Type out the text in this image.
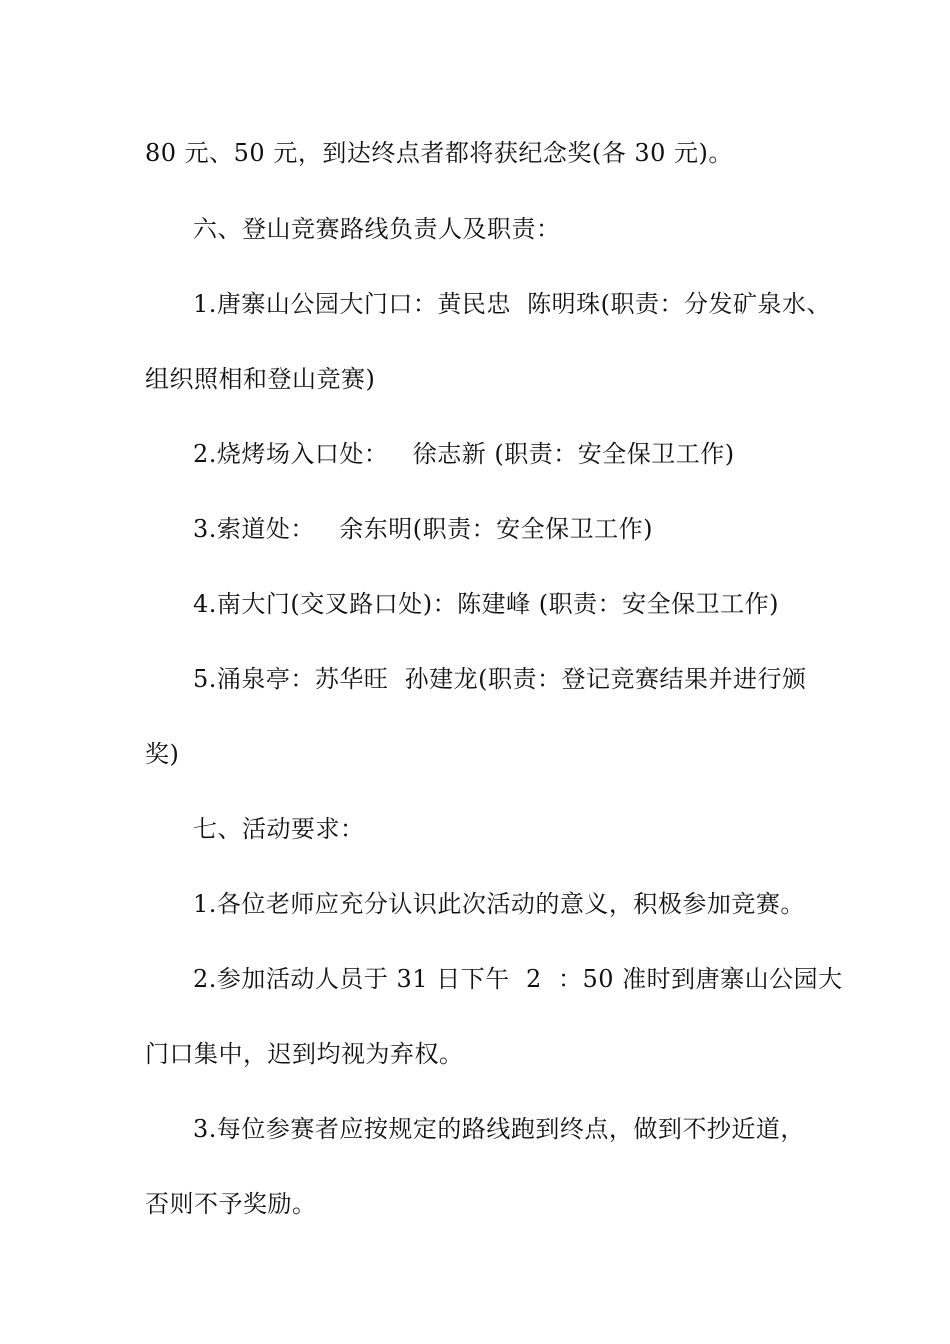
80 元、50 元，到达终点者都将获纪念奖(各 30 元)。
六、登山竞赛路线负责人及职责：
1.唐寨山公园大门口：黄民忠  陈明珠(职责：分发矿泉水、
组织照相和登山竞赛)
2.烧烤场入口处：   徐志新 (职责：安全保卫工作)
3.索道处：   余东明(职责：安全保卫工作)
4.南大门(交叉路口处)：陈建峰 (职责：安全保卫工作)
5.涌泉亭：苏华旺  孙建龙(职责：登记竞赛结果并进行颁
奖)
七、活动要求：
1.各位老师应充分认识此次活动的意义，积极参加竞赛。
2.参加活动人员于 31 日下午  2  ：50 准时到唐寨山公园大
门口集中，迟到均视为弃权。
3.每位参赛者应按规定的路线跑到终点，做到不抄近道，
否则不予奖励。
